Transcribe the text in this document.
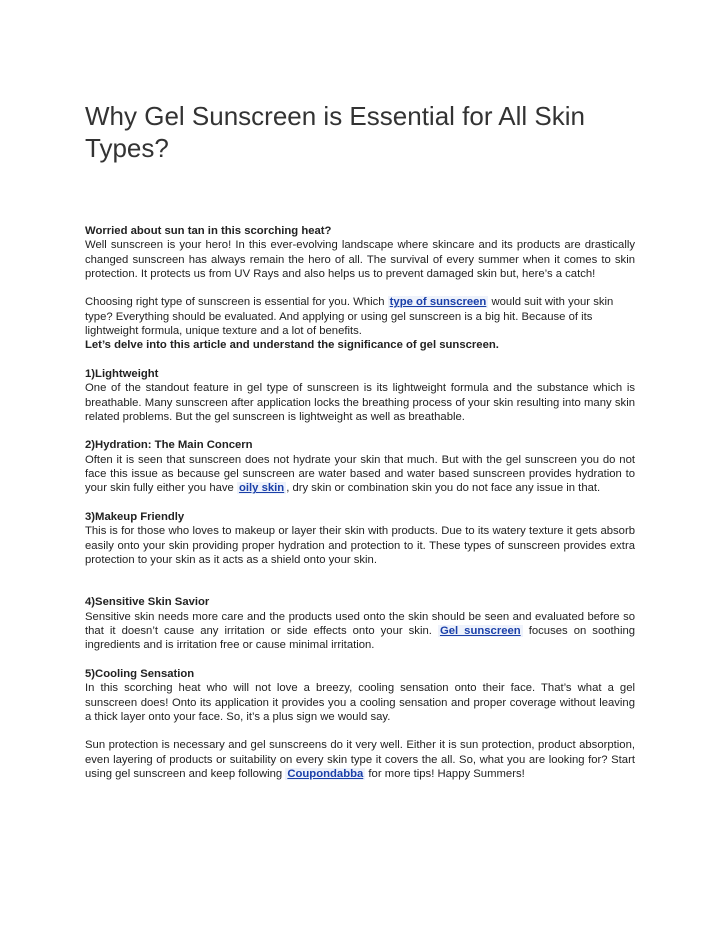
Why Gel Sunscreen is Essential for All Skin Types?

Worried about sun tan in this scorching heat?
Well sunscreen is your hero! In this ever-evolving landscape where skincare and its products are drastically changed sunscreen has always remain the hero of all. The survival of every summer when it comes to skin protection. It protects us from UV Rays and also helps us to prevent damaged skin but, here’s a catch!

Choosing right type of sunscreen is essential for you. Which type of sunscreen would suit with your skin type? Everything should be evaluated. And applying or using gel sunscreen is a big hit. Because of its lightweight formula, unique texture and a lot of benefits.
Let’s delve into this article and understand the significance of gel sunscreen.

1)Lightweight
One of the standout feature in gel type of sunscreen is its lightweight formula and the substance which is breathable. Many sunscreen after application locks the breathing process of your skin resulting into many skin related problems. But the gel sunscreen is lightweight as well as breathable.

2)Hydration: The Main Concern
Often it is seen that sunscreen does not hydrate your skin that much. But with the gel sunscreen you do not face this issue as because gel sunscreen are water based and water based sunscreen provides hydration to your skin fully either you have oily skin , dry skin or combination skin you do not face any issue in that.

3)Makeup Friendly
This is for those who loves to makeup or layer their skin with products. Due to its watery texture it gets absorb easily onto your skin providing proper hydration and protection to it. These types of sunscreen provides extra protection to your skin as it acts as a shield onto your skin.

4)Sensitive Skin Savior
Sensitive skin needs more care and the products used onto the skin should be seen and evaluated before so that it doesn’t cause any irritation or side effects onto your skin. Gel sunscreen focuses on soothing ingredients and is irritation free or cause minimal irritation.

5)Cooling Sensation
In this scorching heat who will not love a breezy, cooling sensation onto their face. That’s what a gel sunscreen does! Onto its application it provides you a cooling sensation and proper coverage without leaving a thick layer onto your face. So, it’s a plus sign we would say.

Sun protection is necessary and gel sunscreens do it very well. Either it is sun protection, product absorption, even layering of products or suitability on every skin type it covers the all. So, what you are looking for? Start using gel sunscreen and keep following Coupondabba for more tips! Happy Summers!
